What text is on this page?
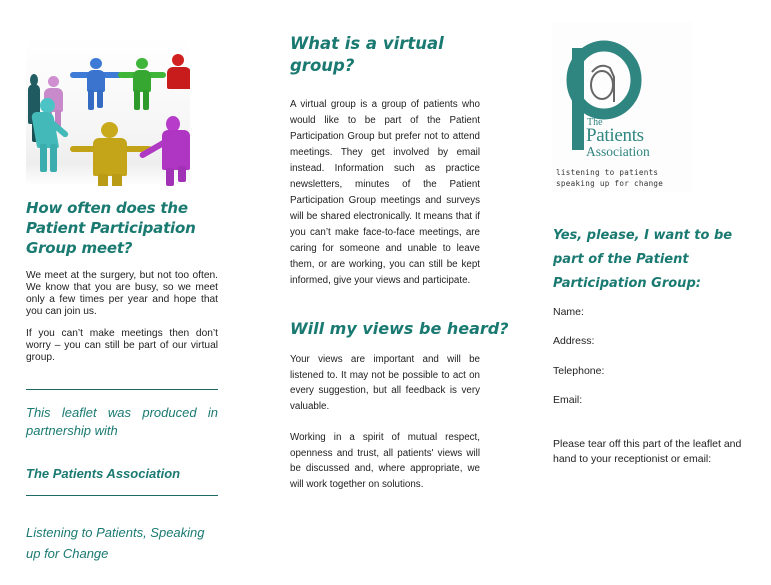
How often does the Patient Participation Group meet?

We meet at the surgery, but not too often. We know that you are busy, so we meet only a few times per year and hope that you can join us.

If you can’t make meetings then don’t worry – you can still be part of our virtual group.

This leaflet was produced in partnership with
The Patients Association
Listening to Patients, Speaking up for Change
What is a virtual group?

A virtual group is a group of patients who would like to be part of the Patient Participation Group but prefer not to attend meetings. They get involved by email instead. Information such as practice newsletters, minutes of the Patient Participation Group meetings and surveys will be shared electronically. It means that if you can’t make face-to-face meetings, are caring for someone and unable to leave them, or are working, you can still be kept informed, give your views and participate.

Will my views be heard?

Your views are important and will be listened to. It may not be possible to act on every suggestion, but all feedback is very valuable.

Working in a spirit of mutual respect, openness and trust, all patients' views will be discussed and, where appropriate, we will work together on solutions.

The
Patients
Association
listening to patients
speaking up for change
Yes, please, I want to be part of the Patient Participation Group:
Name:
Address:
Telephone:
Email:
Please tear off this part of the leaflet and hand to your receptionist or email:
